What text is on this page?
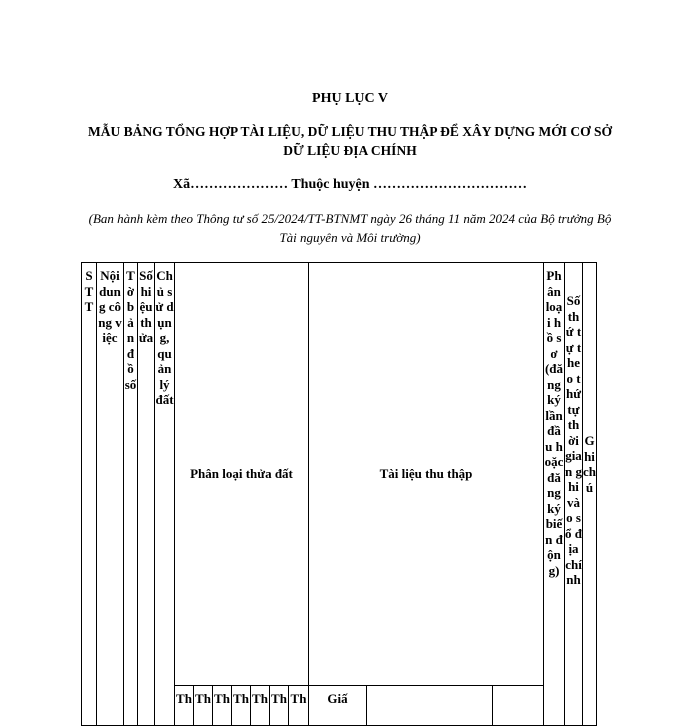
PHỤ LỤC V
MẪU BẢNG TỔNG HỢP TÀI LIỆU, DỮ LIỆU THU THẬP ĐỂ XÂY DỰNG MỚI CƠ SỞ DỮ LIỆU ĐỊA CHÍNH
Xã………………… Thuộc huyện ……………………………
(Ban hành kèm theo Thông tư số 25/2024/TT-BTNMT ngày 26 tháng 11 năm 2024 của Bộ trưởng Bộ Tài nguyên và Môi trường)
STT	Nội dung công việc	Tờ bản đồ số	Số hiệu thửa	Chủ sử dụng, quản lý đất	Phân loại thửa đất							Tài liệu thu thập			Phân loại hồ sơ (đăng ký lần đầu hoặc đăng ký biến động)	Số thứ tự theo thứ tự thời gian ghi vào sổ địa chính	Ghi chú

					Th	Th	Th	Th	Th	Th	Th	Giấ					
